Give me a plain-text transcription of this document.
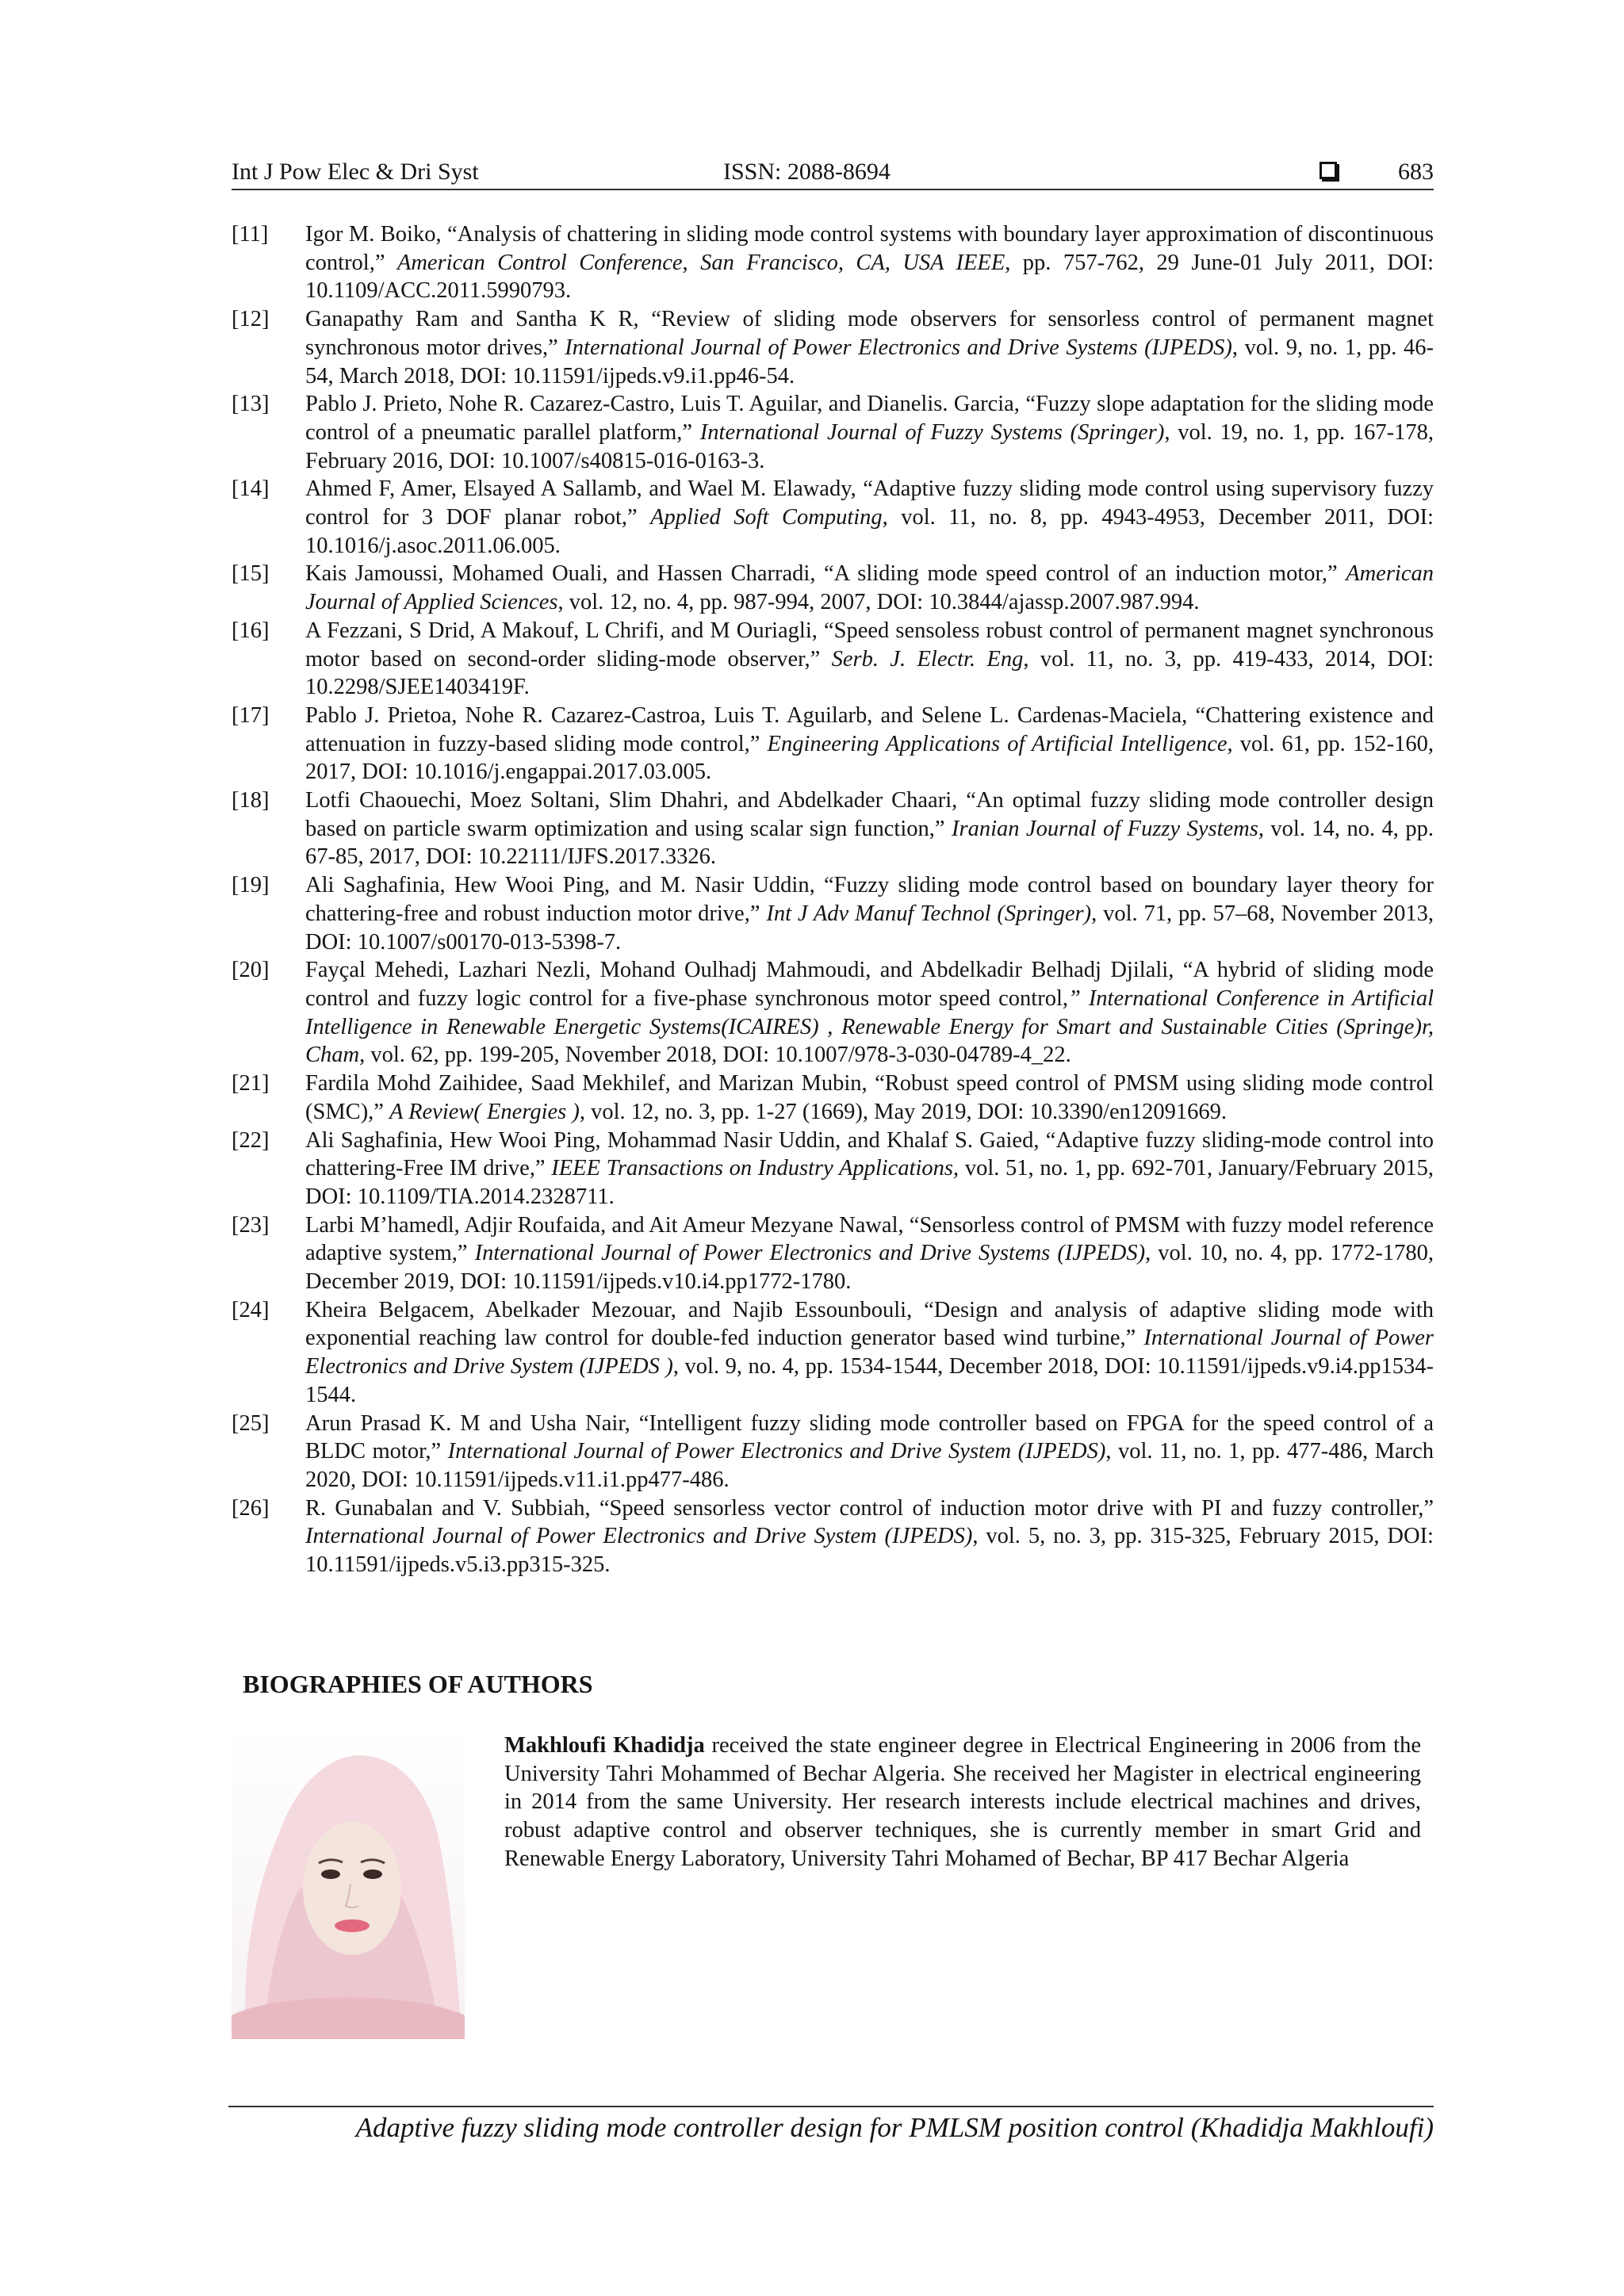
Int J Pow Elec & Dri Syst	ISSN: 2088-8694	683
[11] Igor M. Boiko, “Analysis of chattering in sliding mode control systems with boundary layer approximation of discontinuous control,” American Control Conference, San Francisco, CA, USA IEEE, pp. 757-762, 29 June-01 July 2011, DOI: 10.1109/ACC.2011.5990793.
[12] Ganapathy Ram and Santha K R, “Review of sliding mode observers for sensorless control of permanent magnet synchronous motor drives,” International Journal of Power Electronics and Drive Systems (IJPEDS), vol. 9, no. 1, pp. 46-54, March 2018, DOI: 10.11591/ijpeds.v9.i1.pp46-54.
[13] Pablo J. Prieto, Nohe R. Cazarez-Castro, Luis T. Aguilar, and Dianelis. Garcia, “Fuzzy slope adaptation for the sliding mode control of a pneumatic parallel platform,” International Journal of Fuzzy Systems (Springer), vol. 19, no. 1, pp. 167-178, February 2016, DOI: 10.1007/s40815-016-0163-3.
[14] Ahmed F, Amer, Elsayed A Sallamb, and Wael M. Elawady, “Adaptive fuzzy sliding mode control using supervisory fuzzy control for 3 DOF planar robot,” Applied Soft Computing, vol. 11, no. 8, pp. 4943-4953, December 2011, DOI: 10.1016/j.asoc.2011.06.005.
[15] Kais Jamoussi, Mohamed Ouali, and Hassen Charradi, “A sliding mode speed control of an induction motor,” American Journal of Applied Sciences, vol. 12, no. 4, pp. 987-994, 2007, DOI: 10.3844/ajassp.2007.987.994.
[16] A Fezzani, S Drid, A Makouf, L Chrifi, and M Ouriagli, “Speed sensoless robust control of permanent magnet synchronous motor based on second-order sliding-mode observer,” Serb. J. Electr. Eng, vol. 11, no. 3, pp. 419-433, 2014, DOI: 10.2298/SJEE1403419F.
[17] Pablo J. Prietoa, Nohe R. Cazarez-Castroa, Luis T. Aguilarb, and Selene L. Cardenas-Maciela, “Chattering existence and attenuation in fuzzy-based sliding mode control,” Engineering Applications of Artificial Intelligence, vol. 61, pp. 152-160, 2017, DOI: 10.1016/j.engappai.2017.03.005.
[18] Lotfi Chaouechi, Moez Soltani, Slim Dhahri, and Abdelkader Chaari, “An optimal fuzzy sliding mode controller design based on particle swarm optimization and using scalar sign function,” Iranian Journal of Fuzzy Systems, vol. 14, no. 4, pp. 67-85, 2017, DOI: 10.22111/IJFS.2017.3326.
[19] Ali Saghafinia, Hew Wooi Ping, and M. Nasir Uddin, “Fuzzy sliding mode control based on boundary layer theory for chattering-free and robust induction motor drive,” Int J Adv Manuf Technol (Springer), vol. 71, pp. 57–68, November 2013, DOI: 10.1007/s00170-013-5398-7.
[20] Fayçal Mehedi, Lazhari Nezli, Mohand Oulhadj Mahmoudi, and Abdelkadir Belhadj Djilali, “A hybrid of sliding mode control and fuzzy logic control for a five-phase synchronous motor speed control,” International Conference in Artificial Intelligence in Renewable Energetic Systems(ICAIRES) , Renewable Energy for Smart and Sustainable Cities (Springe)r, Cham, vol. 62, pp. 199-205, November 2018, DOI: 10.1007/978-3-030-04789-4_22.
[21] Fardila Mohd Zaihidee, Saad Mekhilef, and Marizan Mubin, “Robust speed control of PMSM using sliding mode control (SMC),” A Review( Energies ), vol. 12, no. 3, pp. 1-27 (1669), May 2019, DOI: 10.3390/en12091669.
[22] Ali Saghafinia, Hew Wooi Ping, Mohammad Nasir Uddin, and Khalaf S. Gaied, “Adaptive fuzzy sliding-mode control into chattering-Free IM drive,” IEEE Transactions on Industry Applications, vol. 51, no. 1, pp. 692-701, January/February 2015, DOI: 10.1109/TIA.2014.2328711.
[23] Larbi M’hamedl, Adjir Roufaida, and Ait Ameur Mezyane Nawal, “Sensorless control of PMSM with fuzzy model reference adaptive system,” International Journal of Power Electronics and Drive Systems (IJPEDS), vol. 10, no. 4, pp. 1772-1780, December 2019, DOI: 10.11591/ijpeds.v10.i4.pp1772-1780.
[24] Kheira Belgacem, Abelkader Mezouar, and Najib Essounbouli, “Design and analysis of adaptive sliding mode with exponential reaching law control for double-fed induction generator based wind turbine,” International Journal of Power Electronics and Drive System (IJPEDS ), vol. 9, no. 4, pp. 1534-1544, December 2018, DOI: 10.11591/ijpeds.v9.i4.pp1534-1544.
[25] Arun Prasad K. M and Usha Nair, “Intelligent fuzzy sliding mode controller based on FPGA for the speed control of a BLDC motor,” International Journal of Power Electronics and Drive System (IJPEDS), vol. 11, no. 1, pp. 477-486, March 2020, DOI: 10.11591/ijpeds.v11.i1.pp477-486.
[26] R. Gunabalan and V. Subbiah, “Speed sensorless vector control of induction motor drive with PI and fuzzy controller,” International Journal of Power Electronics and Drive System (IJPEDS), vol. 5, no. 3, pp. 315-325, February 2015, DOI: 10.11591/ijpeds.v5.i3.pp315-325.
BIOGRAPHIES OF AUTHORS
Makhloufi Khadidja received the state engineer degree in Electrical Engineering in 2006 from the University Tahri Mohammed of Bechar Algeria. She received her Magister in electrical engineering in 2014 from the same University. Her research interests include electrical machines and drives, robust adaptive control and observer techniques, she is currently member in smart Grid and Renewable Energy Laboratory, University Tahri Mohamed of Bechar, BP 417 Bechar Algeria
Adaptive fuzzy sliding mode controller design for PMLSM position control (Khadidja Makhloufi)
